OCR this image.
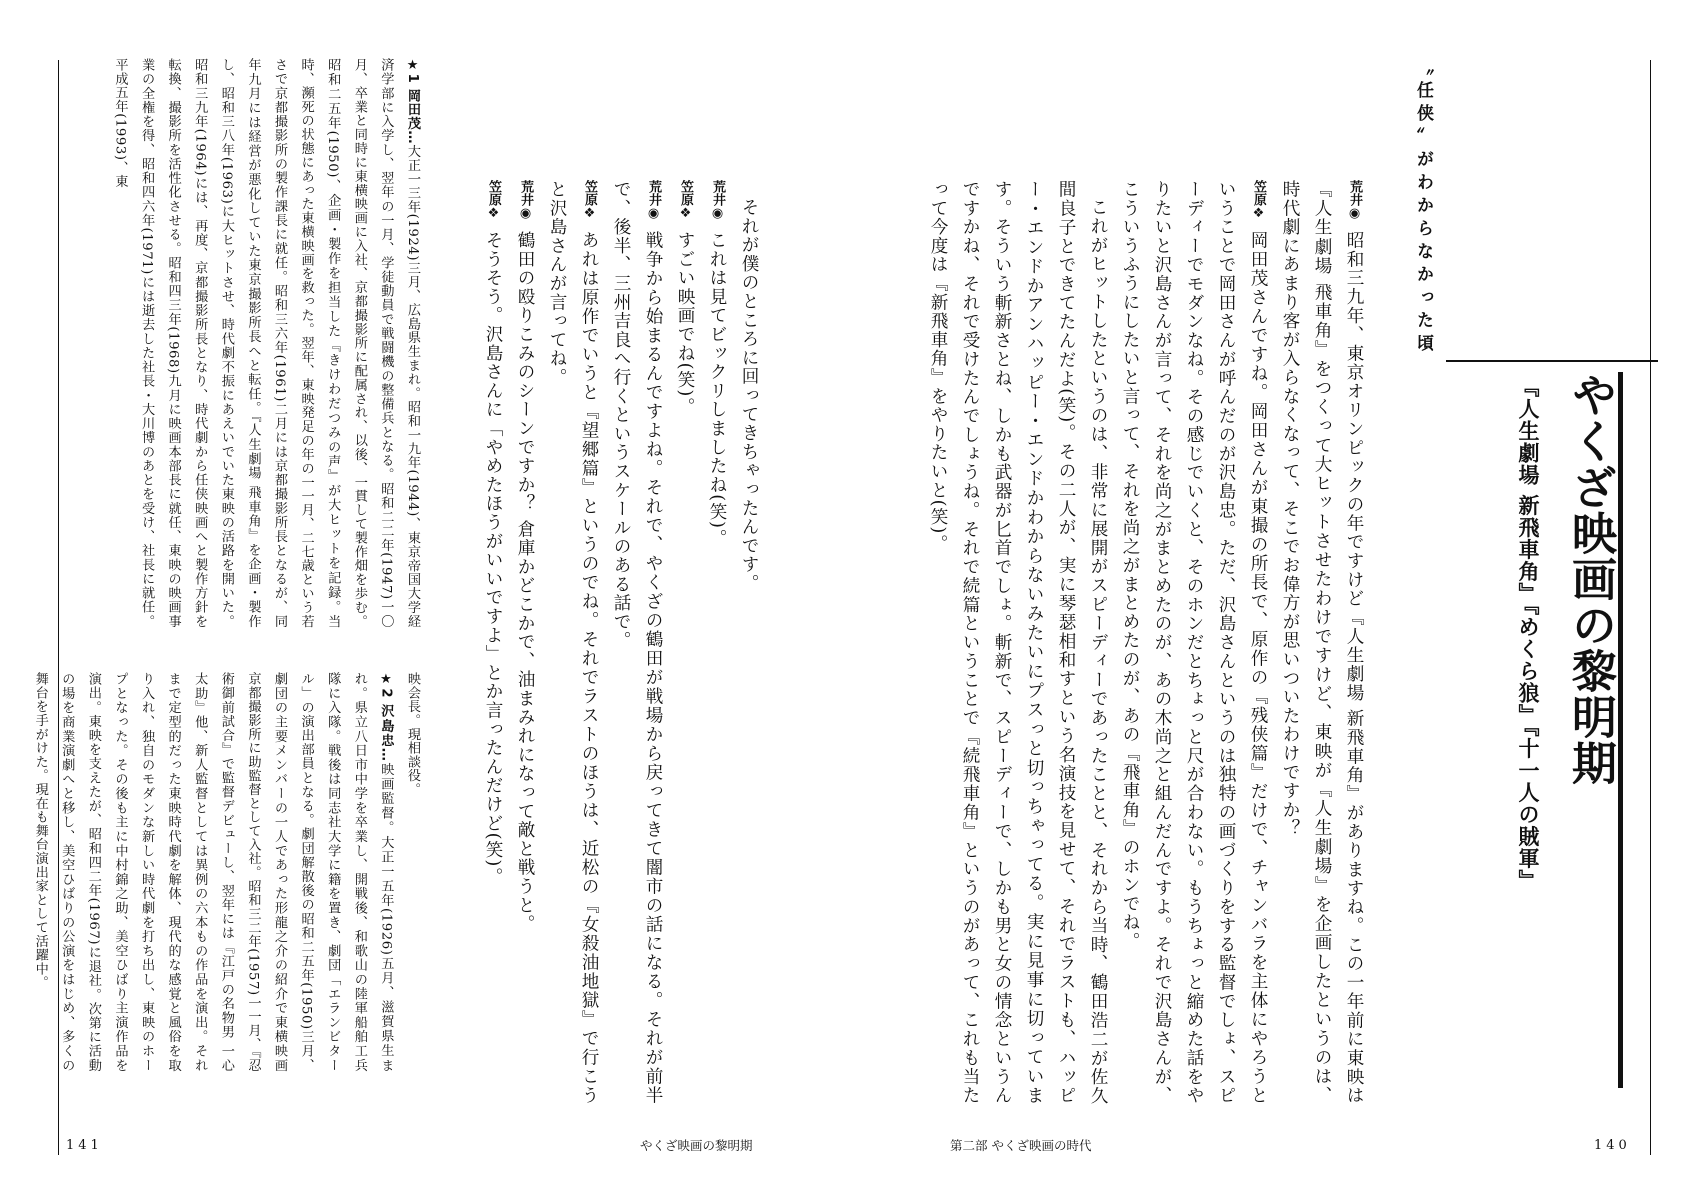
やくざ映画の黎明期
『人生劇場 新飛車角』『めくら狼』『十一人の賊軍』
〝任侠〟がわからなかった頃

荒井◉昭和三九年、東京オリンピックの年ですけど『人生劇場 新飛車角』がありますね。この一年前に東映は『人生劇場 飛車角』をつくって大ヒットさせたわけですけど、東映が『人生劇場』を企画したというのは、時代劇にあまり客が入らなくなって、そこでお偉方が思いついたわけですか？

笠原❖岡田茂さんですね。岡田さんが東撮の所長で、原作の『残侠篇』だけで、チャンバラを主体にやろうということで岡田さんが呼んだのが沢島忠。ただ、沢島さんというのは独特の画づくりをする監督でしょ、スピーディーでモダンなね。その感じでいくと、そのホンだとちょっと尺が合わない。もうちょっと縮めた話をやりたいと沢島さんが言って、それを尚之がまとめたのが、あの木尚之と組んだんですよ。それで沢島さんが、こういうふうにしたいと言って、それを尚之がまとめたのが、あの『飛車角』のホンでね。

これがヒットしたというのは、非常に展開がスピーディーであったことと、それから当時、鶴田浩二が佐久間良子とできてたんだよ(笑)。その二人が、実に琴瑟相和すという名演技を見せて、それでラストも、ハッピー・エンドかアンハッピー・エンドかわからないみたいにプスっと切っちゃってる。実に見事に切っています。そういう斬新さとね、しかも武器が匕首でしょ。斬新で、スピーディーで、しかも男と女の情念というんですかね、それで受けたんでしょうね。それで続篇ということで『続飛車角』というのがあって、これも当たって今度は『新飛車角』をやりたいと(笑)。

140
第二部 やくざ映画の時代

それが僕のところに回ってきちゃったんです。

荒井◉これは見てビックリしましたね(笑)。

笠原❖すごい映画でね(笑)。

荒井◉戦争から始まるんですよね。それで、やくざの鶴田が戦場から戻ってきて闇市の話になる。それが前半で、後半、三州吉良へ行くというスケールのある話で。

笠原❖あれは原作でいうと『望郷篇』というのでね。それでラストのほうは、近松の『女殺油地獄』で行こうと沢島さんが言ってね。

荒井◉鶴田の殴りこみのシーンですか？ 倉庫かどこかで、油まみれになって敵と戦うと。

笠原❖そうそう。沢島さんに「やめたほうがいいですよ」とか言ったんだけど(笑)。

★1 岡田茂…大正一三年(1924)三月、広島県生まれ。昭和一九年(1944)、東京帝国大学経済学部に入学し、翌年の一月、学徒動員で戦闘機の整備兵となる。昭和二二年(1947)一〇月、卒業と同時に東横映画に入社、京都撮影所に配属され、以後、一貫して製作畑を歩む。昭和二五年(1950)、企画・製作を担当した『きけわだつみの声』が大ヒットを記録。当時、瀕死の状態にあった東横映画を救った。翌年、東映発足の年の一一月、二七歳という若さで京都撮影所の製作課長に就任。昭和三六年(1961)二月には京都撮影所長となるが、同年九月には経営が悪化していた東京撮影所長へと転任。『人生劇場 飛車角』を企画・製作し、昭和三八年(1963)に大ヒットさせ、時代劇不振にあえいでいた東映の活路を開いた。昭和三九年(1964)には、再度、京都撮影所長となり、時代劇から任侠映画へと製作方針を転換、撮影所を活性化させる。昭和四三年(1968)九月に映画本部長に就任、東映の映画事業の全権を得、昭和四六年(1971)には逝去した社長・大川博のあとを受け、社長に就任。平成五年(1993)、東

映会長。現相談役。

★2 沢島忠…映画監督。大正一五年(1926)五月、滋賀県生まれ。県立八日市中学を卒業し、開戦後、和歌山の陸軍船舶工兵隊に入隊。戦後は同志社大学に籍を置き、劇団「エランビタール」の演出部員となる。劇団解散後の昭和二五年(1950)三月、劇団の主要メンバーの一人であった形龍之介の紹介で東横映画京都撮影所に助監督として入社。昭和三二年(1957)一一月、『忍術御前試合』で監督デビューし、翌年には『江戸の名物男 一心太助』他、新人監督としては異例の六本もの作品を演出。それまで定型的だった東映時代劇を解体、現代的な感覚と風俗を取り入れ、独自のモダンな新しい時代劇を打ち出し、東映のホープとなった。その後も主に中村錦之助、美空ひばり主演作品を演出。東映を支えたが、昭和四二年(1967)に退社。次第に活動の場を商業演劇へと移し、美空ひばりの公演をはじめ、多くの舞台を手がけた。現在も舞台演出家として活躍中。

141	やくざ映画の黎明期
